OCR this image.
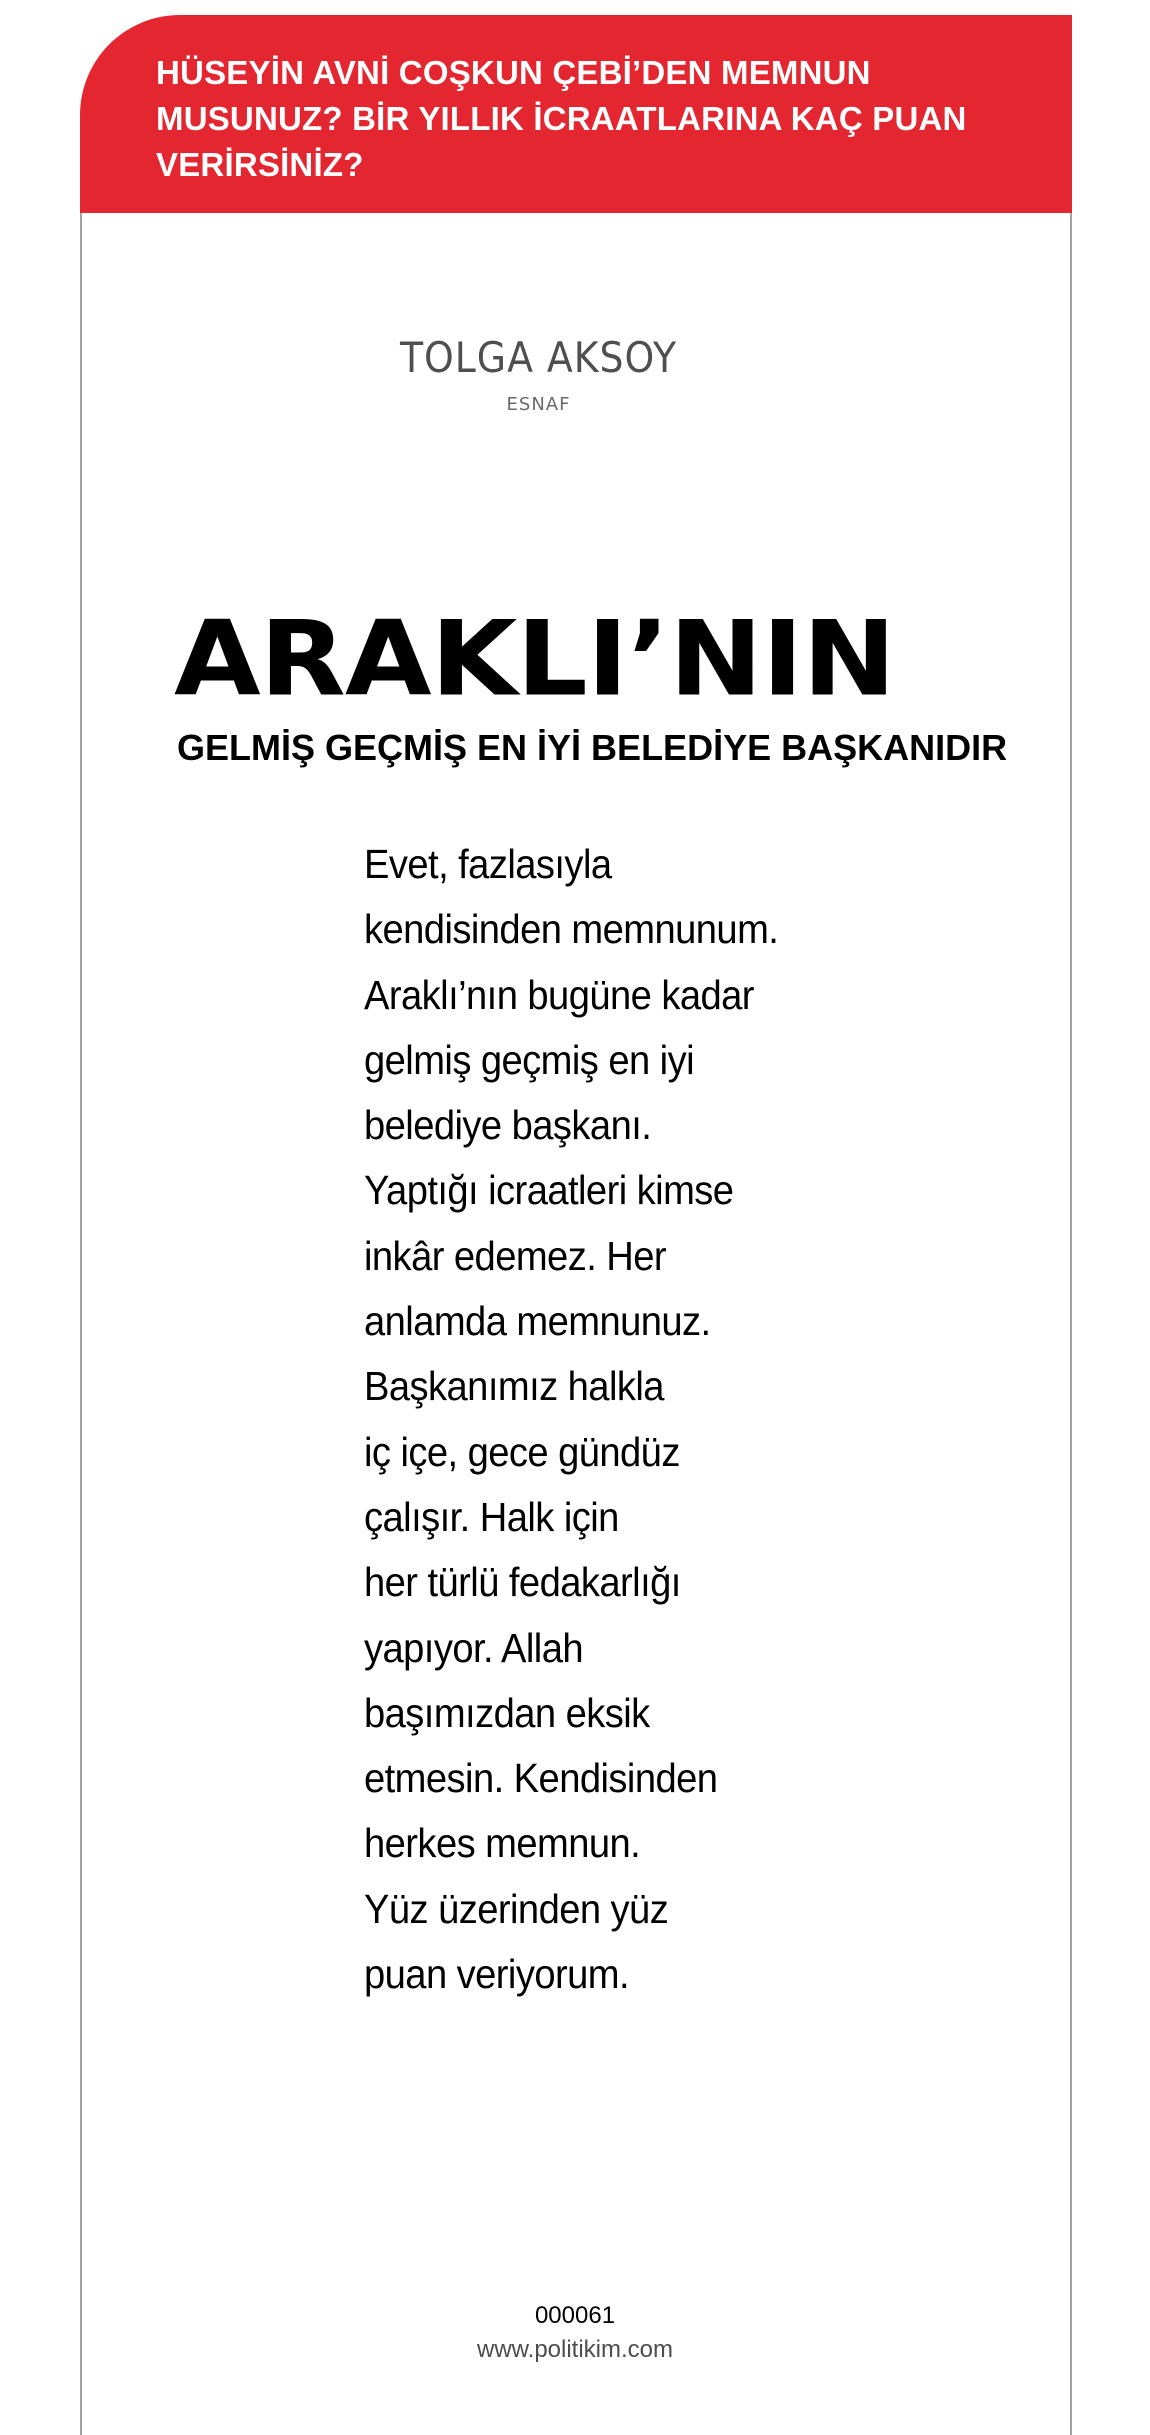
HÜSEYİN AVNİ COŞKUN ÇEBİ’DEN MEMNUN
MUSUNUZ? BİR YILLIK İCRAATLARINA KAÇ PUAN
VERİRSİNİZ?

TOLGA AKSOY

ESNAF

ARAKLI’NIN
GELMİŞ GEÇMİŞ EN İYİ BELEDİYE BAŞKANIDIR
Evet, fazlasıyla
kendisinden memnunum.
Araklı’nın bugüne kadar
gelmiş geçmiş en iyi
belediye başkanı.
Yaptığı icraatleri kimse
inkâr edemez. Her
anlamda memnunuz.
Başkanımız halkla
iç içe, gece gündüz
çalışır. Halk için
her türlü fedakarlığı
yapıyor. Allah
başımızdan eksik
etmesin. Kendisinden
herkes memnun.
Yüz üzerinden yüz
puan veriyorum.

000061

www.politikim.com
